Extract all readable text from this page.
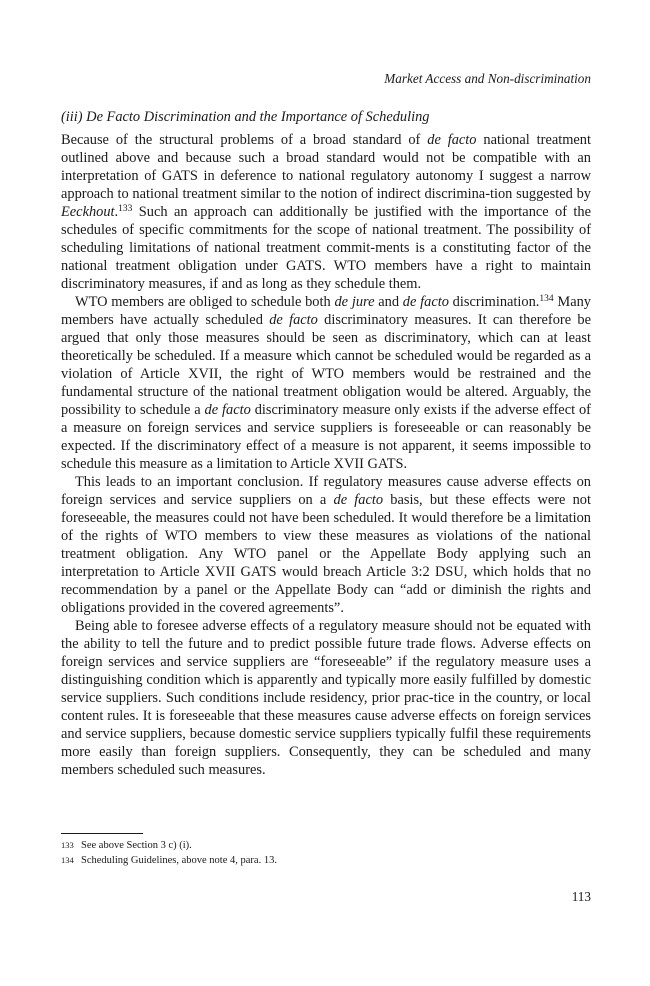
Market Access and Non-discrimination
(iii) De Facto Discrimination and the Importance of Scheduling

Because of the structural problems of a broad standard of de facto national treatment outlined above and because such a broad standard would not be compatible with an interpretation of GATS in deference to national regulatory autonomy I suggest a narrow approach to national treatment similar to the notion of indirect discrimina-tion suggested by Eeckhout.$^{133}$ Such an approach can additionally be justified with the importance of the schedules of specific commitments for the scope of national treatment. The possibility of scheduling limitations of national treatment commit-ments is a constituting factor of the national treatment obligation under GATS. WTO members have a right to maintain discriminatory measures, if and as long as they schedule them.

WTO members are obliged to schedule both de jure and de facto discrimination.$^{134}$ Many members have actually scheduled de facto discriminatory measures. It can therefore be argued that only those measures should be seen as discriminatory, which can at least theoretically be scheduled. If a measure which cannot be scheduled would be regarded as a violation of Article XVII, the right of WTO members would be restrained and the fundamental structure of the national treatment obligation would be altered. Arguably, the possibility to schedule a de facto discriminatory measure only exists if the adverse effect of a measure on foreign services and service suppliers is foreseeable or can reasonably be expected. If the discriminatory effect of a measure is not apparent, it seems impossible to schedule this measure as a limitation to Article XVII GATS.

This leads to an important conclusion. If regulatory measures cause adverse effects on foreign services and service suppliers on a de facto basis, but these effects were not foreseeable, the measures could not have been scheduled. It would therefore be a limitation of the rights of WTO members to view these measures as violations of the national treatment obligation. Any WTO panel or the Appellate Body applying such an interpretation to Article XVII GATS would breach Article 3:2 DSU, which holds that no recommendation by a panel or the Appellate Body can “add or diminish the rights and obligations provided in the covered agreements”.

Being able to foresee adverse effects of a regulatory measure should not be equated with the ability to tell the future and to predict possible future trade flows. Adverse effects on foreign services and service suppliers are “foreseeable” if the regulatory measure uses a distinguishing condition which is apparently and typically more easily fulfilled by domestic service suppliers. Such conditions include residency, prior prac-tice in the country, or local content rules. It is foreseeable that these measures cause adverse effects on foreign services and service suppliers, because domestic service suppliers typically fulfil these requirements more easily than foreign suppliers. Consequently, they can be scheduled and many members scheduled such measures.

133 See above Section 3 c) (i).
134 Scheduling Guidelines, above note 4, para. 13.
113
